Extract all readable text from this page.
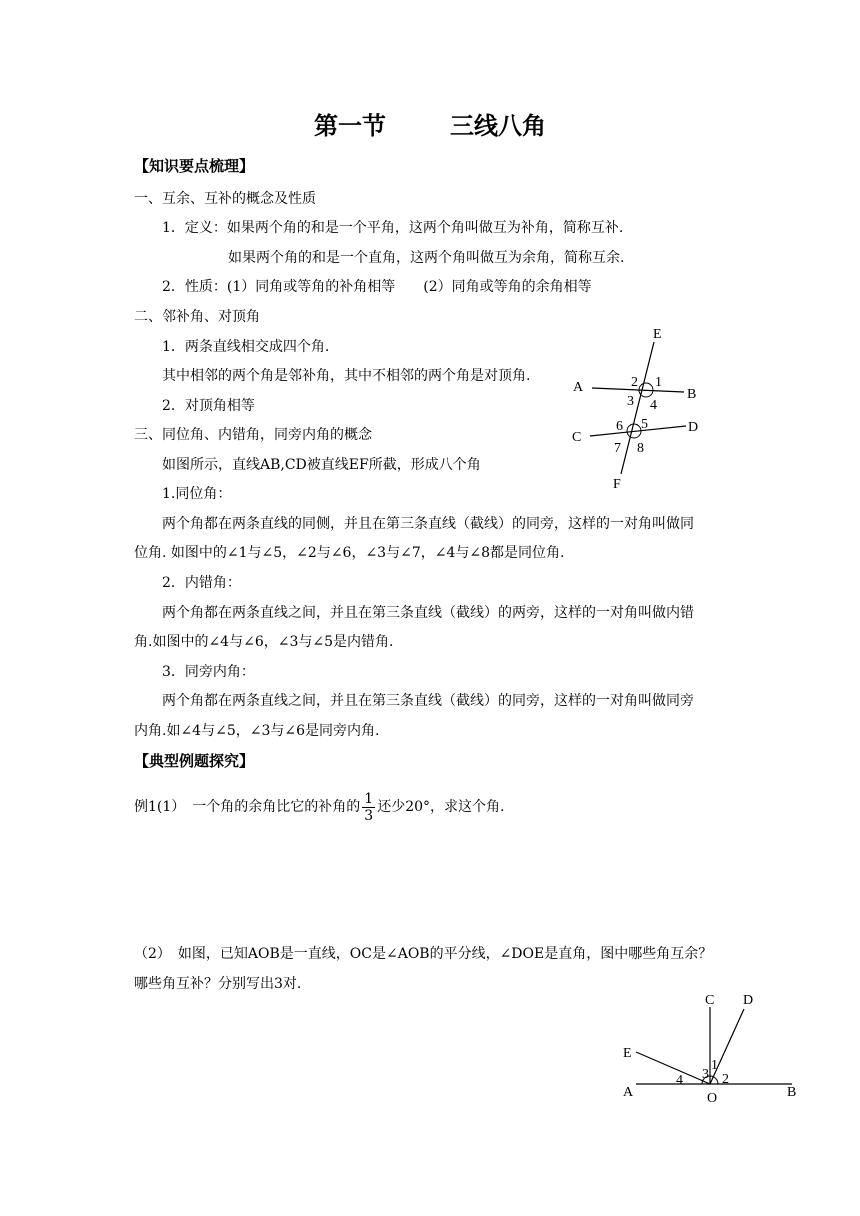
第一节	三线八角
【知识要点梳理】
一、互余、互补的概念及性质
1．定义：如果两个角的和是一个平角，这两个角叫做互为补角，简称互补.
如果两个角的和是一个直角，这两个角叫做互为余角，简称互余.
2．性质：(1）同角或等角的补角相等　　(2）同角或等角的余角相等
二、邻补角、对顶角
1．两条直线相交成四个角.
其中相邻的两个角是邻补角，其中不相邻的两个角是对顶角.
2．对顶角相等
三、同位角、内错角，同旁内角的概念
如图所示，直线AB,CD被直线EF所截，形成八个角
1.同位角：
两个角都在两条直线的同侧，并且在第三条直线（截线）的同旁，这样的一对角叫做同
位角. 如图中的∠1与∠5，∠2与∠6，∠3与∠7，∠4与∠8都是同位角.
2．内错角：
两个角都在两条直线之间，并且在第三条直线（截线）的两旁，这样的一对角叫做内错
角.如图中的∠4与∠6，∠3与∠5是内错角.
3．同旁内角：
两个角都在两条直线之间，并且在第三条直线（截线）的同旁，这样的一对角叫做同旁
内角.如∠4与∠5，∠3与∠6是同旁内角.
【典型例题探究】
例1(1）　一个角的余角比它的补角的 $\frac{1}{3}$ 还少20°，求这个角.
（2）　如图，已知AOB是一直线，OC是∠AOB的平分线，∠DOE是直角，图中哪些角互余？
哪些角互补？分别写出3对.
E
F
A	B
C
D
1
2
3 4
5
6
7 8
C D
E
A	B
O
1
2
3
4
